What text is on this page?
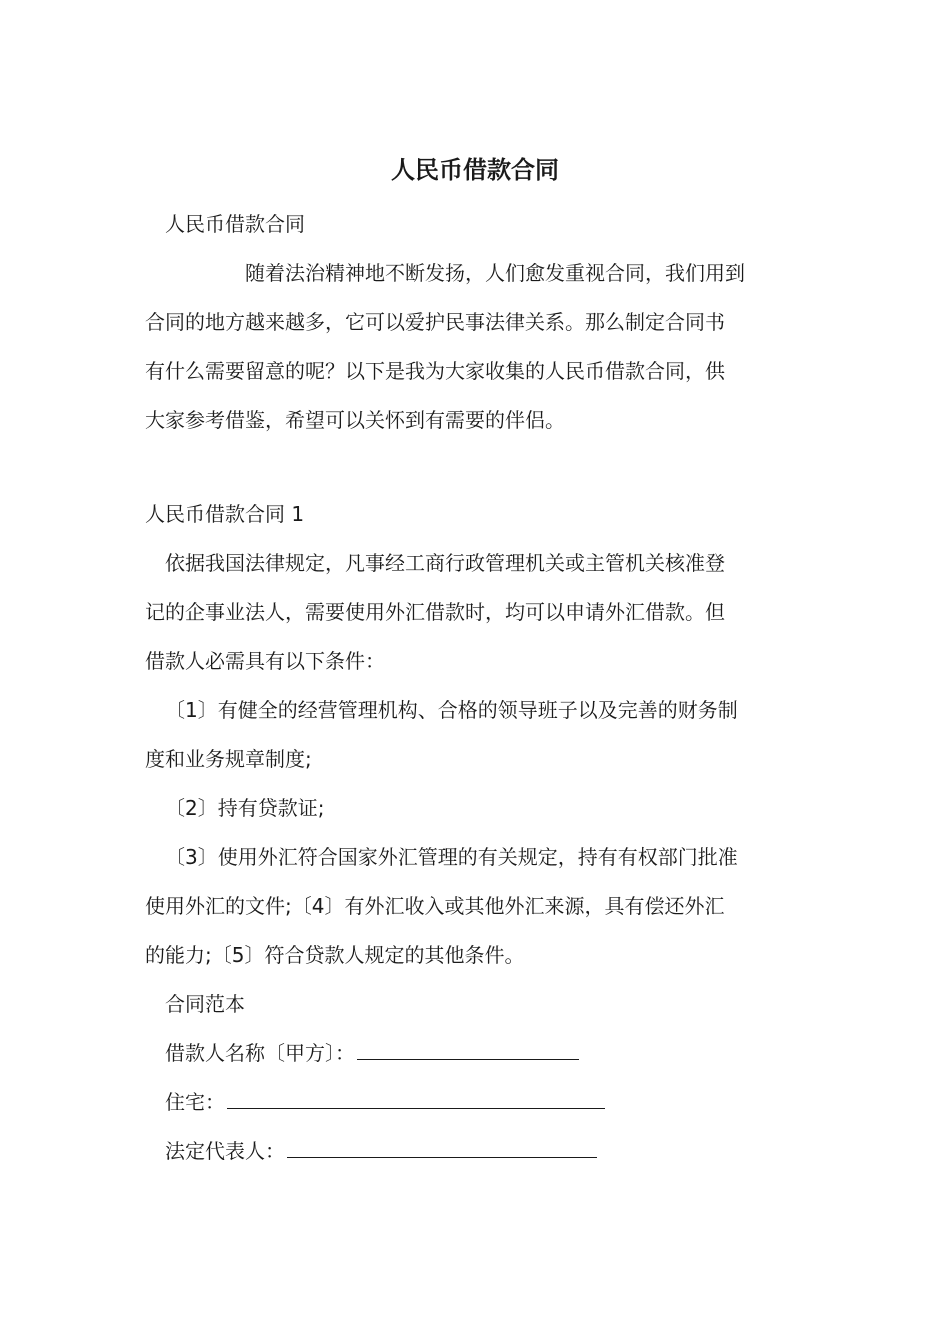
人民币借款合同
人民币借款合同
随着法治精神地不断发扬，人们愈发重视合同，我们用到
合同的地方越来越多，它可以爱护民事法律关系。那么制定合同书
有什么需要留意的呢？以下是我为大家收集的人民币借款合同，供
大家参考借鉴，希望可以关怀到有需要的伴侣。
人民币借款合同 1
依据我国法律规定，凡事经工商行政管理机关或主管机关核准登
记的企事业法人，需要使用外汇借款时，均可以申请外汇借款。但
借款人必需具有以下条件：
〔1〕有健全的经营管理机构、合格的领导班子以及完善的财务制
度和业务规章制度;
〔2〕持有贷款证;
〔3〕使用外汇符合国家外汇管理的有关规定，持有有权部门批准
使用外汇的文件;〔4〕有外汇收入或其他外汇来源，具有偿还外汇
的能力;〔5〕符合贷款人规定的其他条件。
合同范本
借款人名称〔甲方〕：
住宅：
法定代表人：
